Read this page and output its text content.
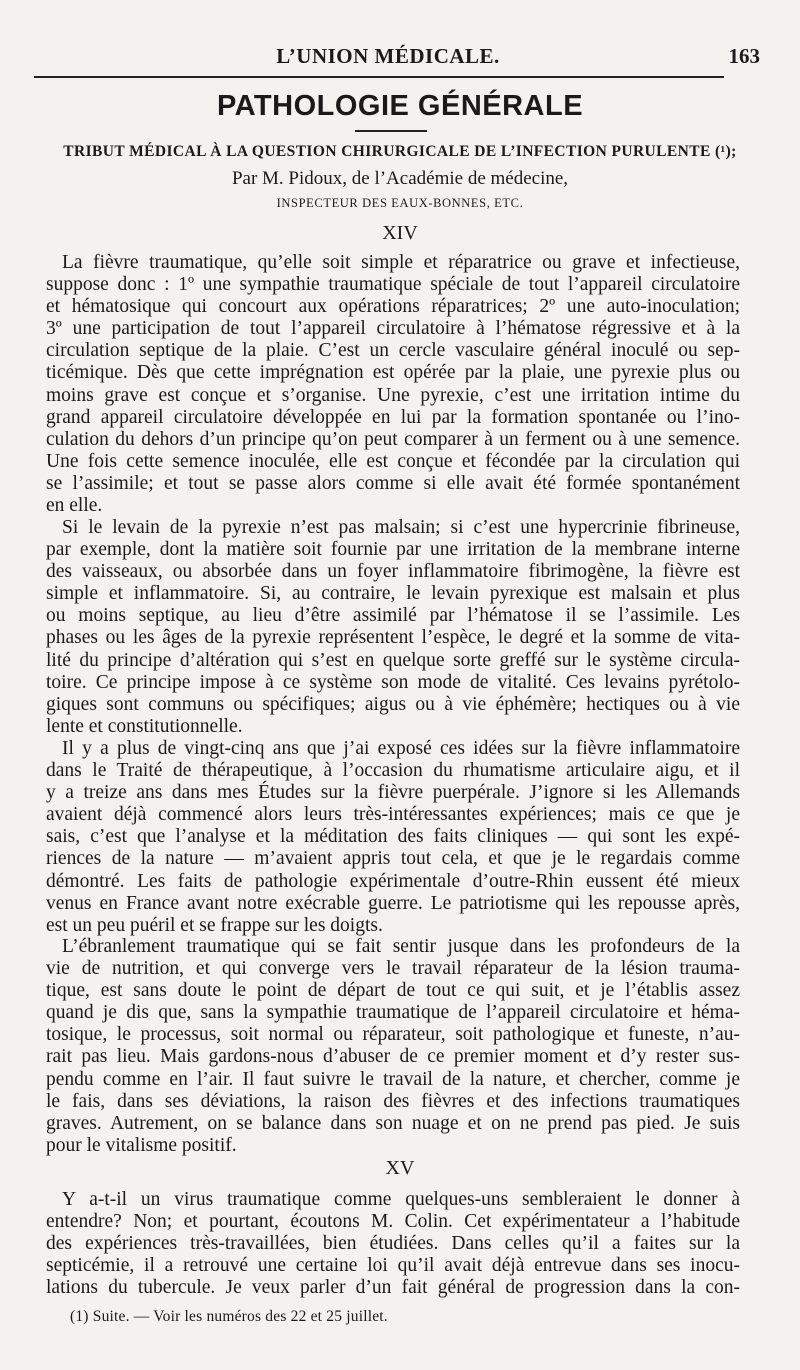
L’UNION MÉDICALE.	163
PATHOLOGIE GÉNÉRALE
TRIBUT MÉDICAL À LA QUESTION CHIRURGICALE DE L’INFECTION PURULENTE (¹);
Par M. Pidoux, de l’Académie de médecine,
INSPECTEUR DES EAUX-BONNES, ETC.
XIV
La fièvre traumatique, qu’elle soit simple et réparatrice ou grave et infectieuse,
suppose donc : 1º une sympathie traumatique spéciale de tout l’appareil circulatoire
et hématosique qui concourt aux opérations réparatrices; 2º une auto-inoculation;
3º une participation de tout l’appareil circulatoire à l’hématose régressive et à la
circulation septique de la plaie. C’est un cercle vasculaire général inoculé ou sep-
ticémique. Dès que cette imprégnation est opérée par la plaie, une pyrexie plus ou
moins grave est conçue et s’organise. Une pyrexie, c’est une irritation intime du
grand appareil circulatoire développée en lui par la formation spontanée ou l’ino-
culation du dehors d’un principe qu’on peut comparer à un ferment ou à une semence.
Une fois cette semence inoculée, elle est conçue et fécondée par la circulation qui
se l’assimile; et tout se passe alors comme si elle avait été formée spontanément
en elle.
Si le levain de la pyrexie n’est pas malsain; si c’est une hypercrinie fibrineuse,
par exemple, dont la matière soit fournie par une irritation de la membrane interne
des vaisseaux, ou absorbée dans un foyer inflammatoire fibrimogène, la fièvre est
simple et inflammatoire. Si, au contraire, le levain pyrexique est malsain et plus
ou moins septique, au lieu d’être assimilé par l’hématose il se l’assimile. Les
phases ou les âges de la pyrexie représentent l’espèce, le degré et la somme de vita-
lité du principe d’altération qui s’est en quelque sorte greffé sur le système circula-
toire. Ce principe impose à ce système son mode de vitalité. Ces levains pyrétolo-
giques sont communs ou spécifiques; aigus ou à vie éphémère; hectiques ou à vie
lente et constitutionnelle.
Il y a plus de vingt-cinq ans que j’ai exposé ces idées sur la fièvre inflammatoire
dans le Traité de thérapeutique, à l’occasion du rhumatisme articulaire aigu, et il
y a treize ans dans mes Études sur la fièvre puerpérale. J’ignore si les Allemands
avaient déjà commencé alors leurs très-intéressantes expériences; mais ce que je
sais, c’est que l’analyse et la méditation des faits cliniques — qui sont les expé-
riences de la nature — m’avaient appris tout cela, et que je le regardais comme
démontré. Les faits de pathologie expérimentale d’outre-Rhin eussent été mieux
venus en France avant notre exécrable guerre. Le patriotisme qui les repousse après,
est un peu puéril et se frappe sur les doigts.
L’ébranlement traumatique qui se fait sentir jusque dans les profondeurs de la
vie de nutrition, et qui converge vers le travail réparateur de la lésion trauma-
tique, est sans doute le point de départ de tout ce qui suit, et je l’établis assez
quand je dis que, sans la sympathie traumatique de l’appareil circulatoire et héma-
tosique, le processus, soit normal ou réparateur, soit pathologique et funeste, n’au-
rait pas lieu. Mais gardons-nous d’abuser de ce premier moment et d’y rester sus-
pendu comme en l’air. Il faut suivre le travail de la nature, et chercher, comme je
le fais, dans ses déviations, la raison des fièvres et des infections traumatiques
graves. Autrement, on se balance dans son nuage et on ne prend pas pied. Je suis
pour le vitalisme positif.
XV
Y a-t-il un virus traumatique comme quelques-uns sembleraient le donner à
entendre? Non; et pourtant, écoutons M. Colin. Cet expérimentateur a l’habitude
des expériences très-travaillées, bien étudiées. Dans celles qu’il a faites sur la
septicémie, il a retrouvé une certaine loi qu’il avait déjà entrevue dans ses inocu-
lations du tubercule. Je veux parler d’un fait général de progression dans la con-
(1) Suite. — Voir les numéros des 22 et 25 juillet.
